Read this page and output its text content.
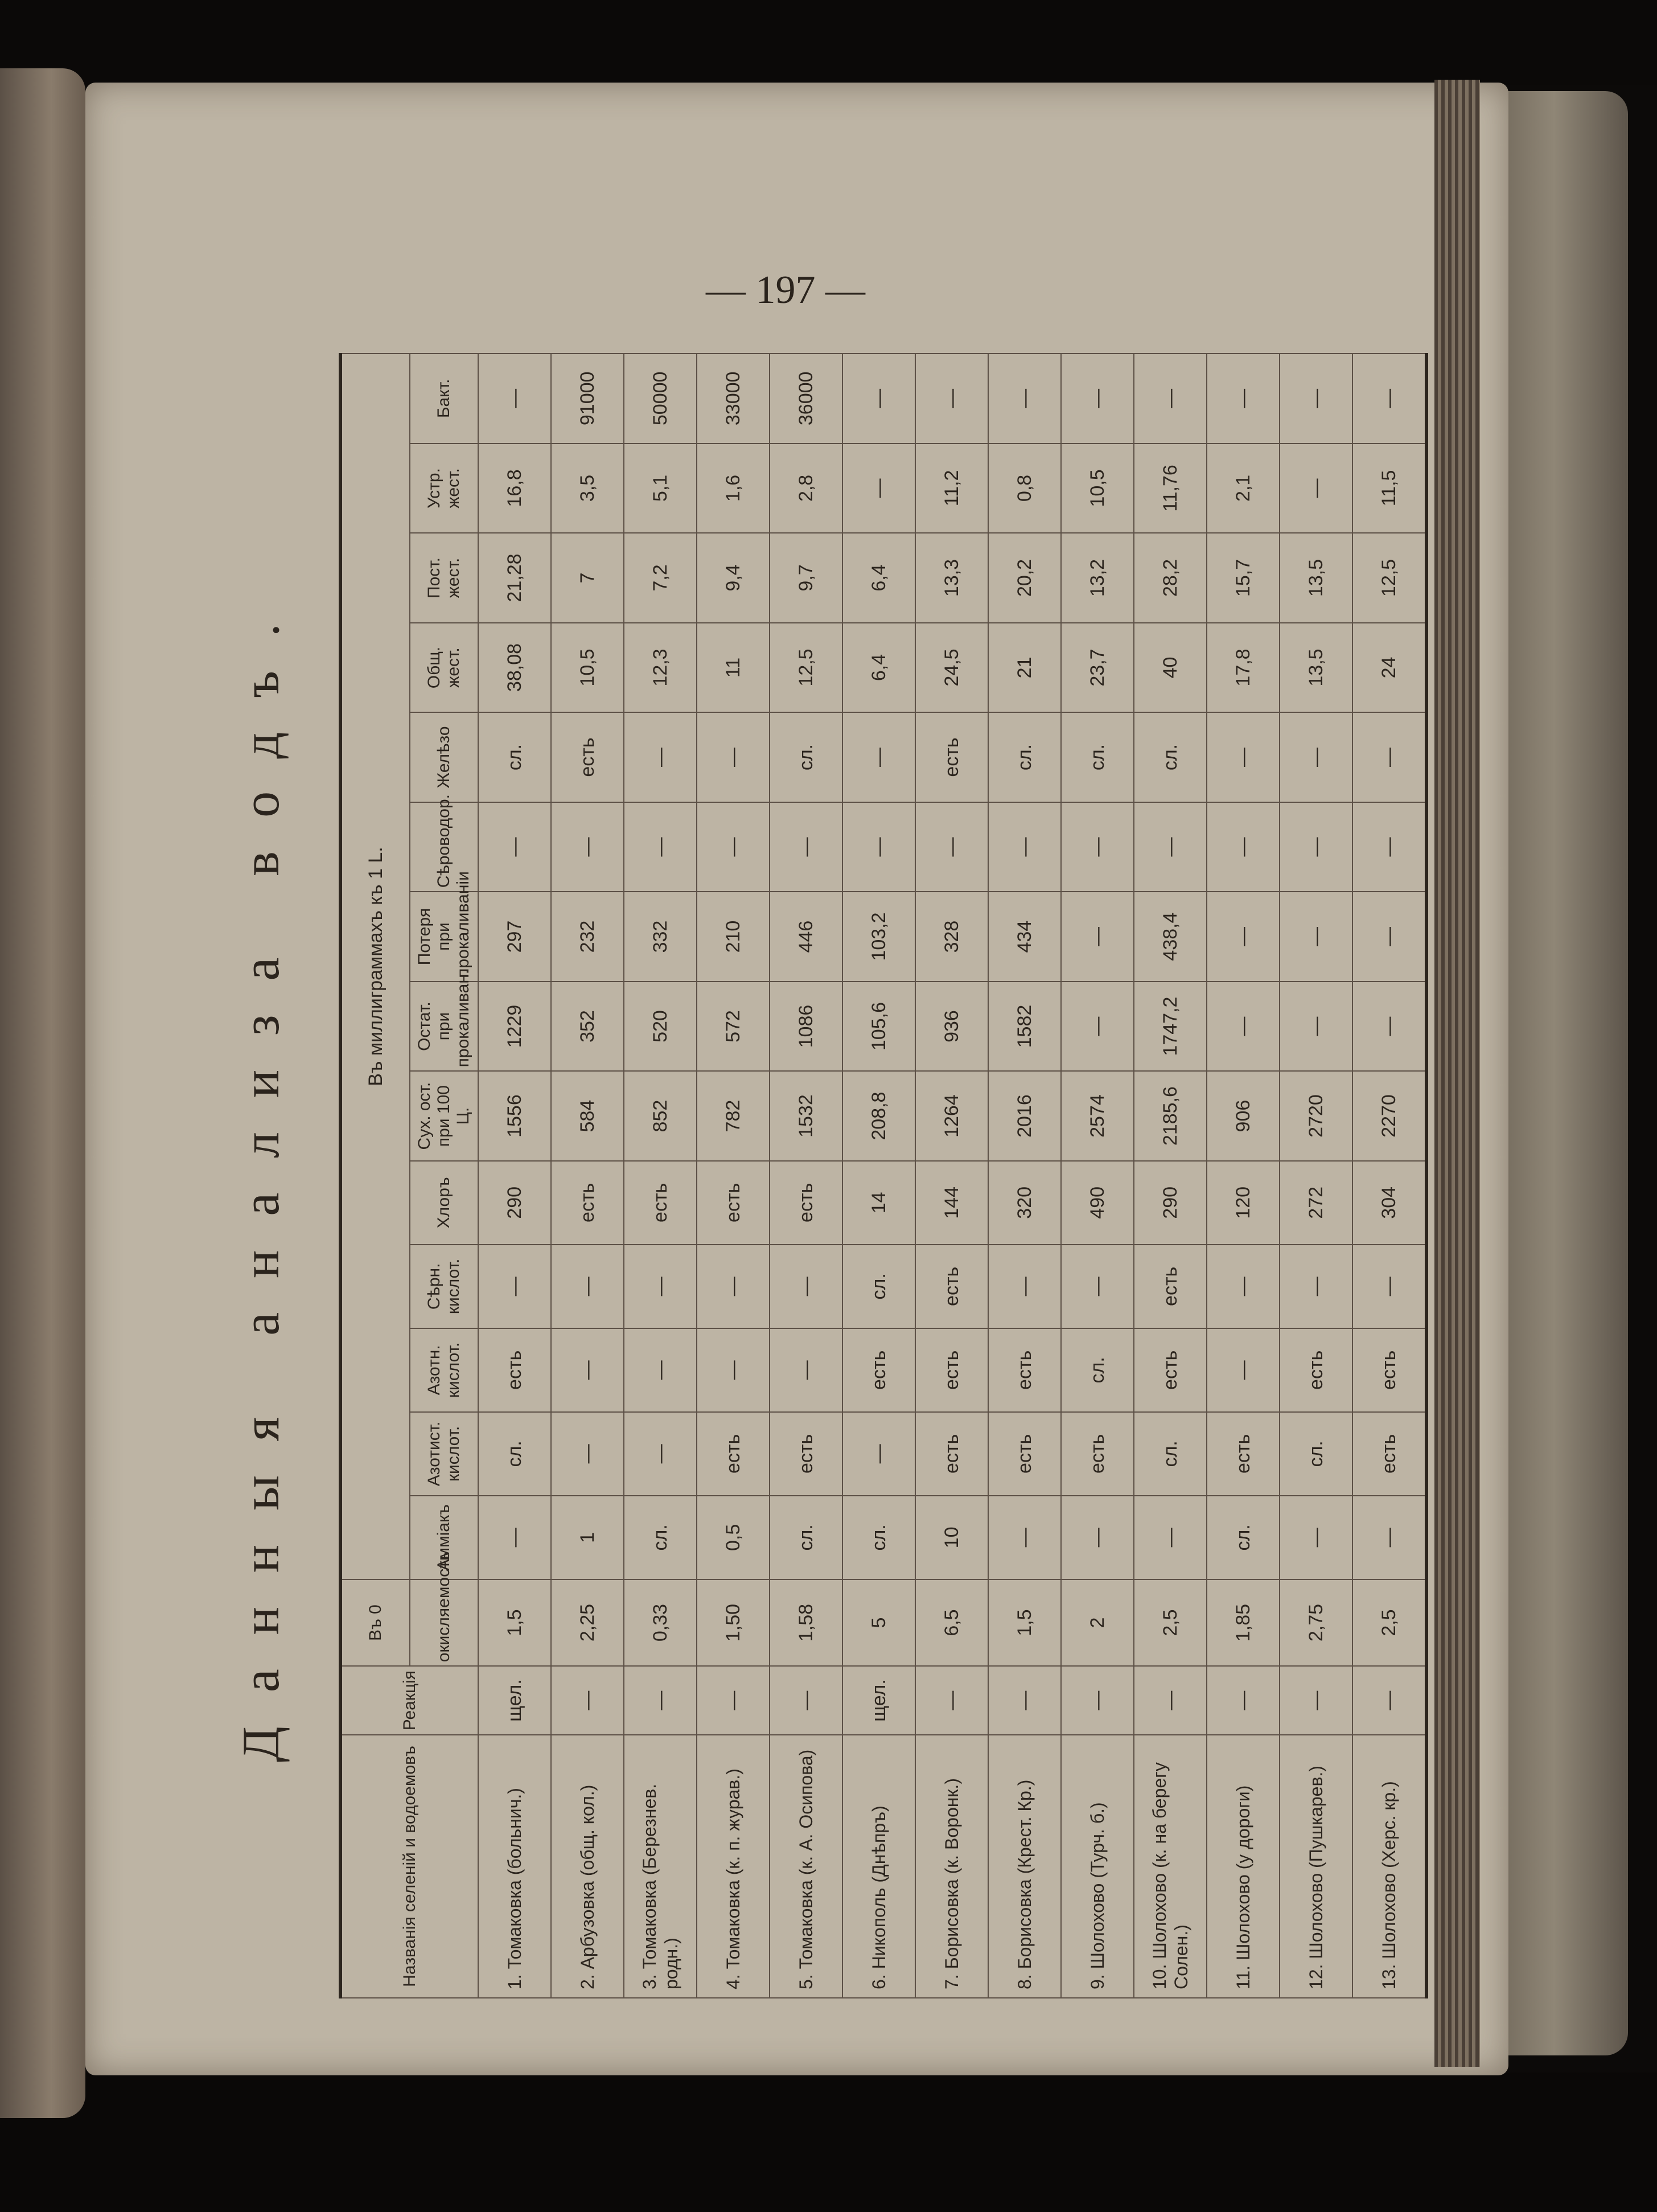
— 197 —
Данныя анализа водъ.
Названія селеній и водоемовъ	Реакція	Въ 0	Въ миллиграммахъ къ 1 L.													
		окисляемость	Аммiакъ	Азотист. кислот.	Азотн. кислот.	Сѣрн. кислот.	Хлоръ	Сух. ост. при 100 Ц.	Остат. при прокаливан.	Потеря при прокаливаніи	Сѣроводор.	Желѣзо	Общ. жест.	Пост. жест.	Устр. жест.	Бакт.
1. Томаковка (больнич.)	щел.	1,5	—	сл.	есть	—	290	1556	1229	297	—	сл.	38,08	21,28	16,8	—
2. Арбузовка (общ. кол.)	—	2,25	1	—	—	—	есть	584	352	232	—	есть	10,5	7	3,5	91000
3. Томаковка (Березнев. родн.)	—	0,33	сл.	—	—	—	есть	852	520	332	—	—	12,3	7,2	5,1	50000
4. Томаковка (к. п. журав.)	—	1,50	0,5	есть	—	—	есть	782	572	210	—	—	11	9,4	1,6	33000
5. Томаковка (к. А. Осипова)	—	1,58	сл.	есть	—	—	есть	1532	1086	446	—	сл.	12,5	9,7	2,8	36000
6. Никополь (Днѣпръ)	щел.	5	сл.	—	есть	сл.	14	208,8	105,6	103,2	—	—	6,4	6,4	—	—
7. Борисовка (к. Воронк.)	—	6,5	10	есть	есть	есть	144	1264	936	328	—	есть	24,5	13,3	11,2	—
8. Борисовка (Крест. Кр.)	—	1,5	—	есть	есть	—	320	2016	1582	434	—	сл.	21	20,2	0,8	—
9. Шолохово (Турч. б.)	—	2	—	есть	сл.	—	490	2574	—	—	—	сл.	23,7	13,2	10,5	—
10. Шолохово (к. на берегу Солен.)	—	2,5	—	сл.	есть	есть	290	2185,6	1747,2	438,4	—	сл.	40	28,2	11,76	—
11. Шолохово (у дороги)	—	1,85	сл.	есть	—	—	120	906	—	—	—	—	17,8	15,7	2,1	—
12. Шолохово (Пушкарев.)	—	2,75	—	сл.	есть	—	272	2720	—	—	—	—	13,5	13,5	—	—
13. Шолохово (Херс. кр.)	—	2,5	—	есть	есть	—	304	2270	—	—	—	—	24	12,5	11,5	—
